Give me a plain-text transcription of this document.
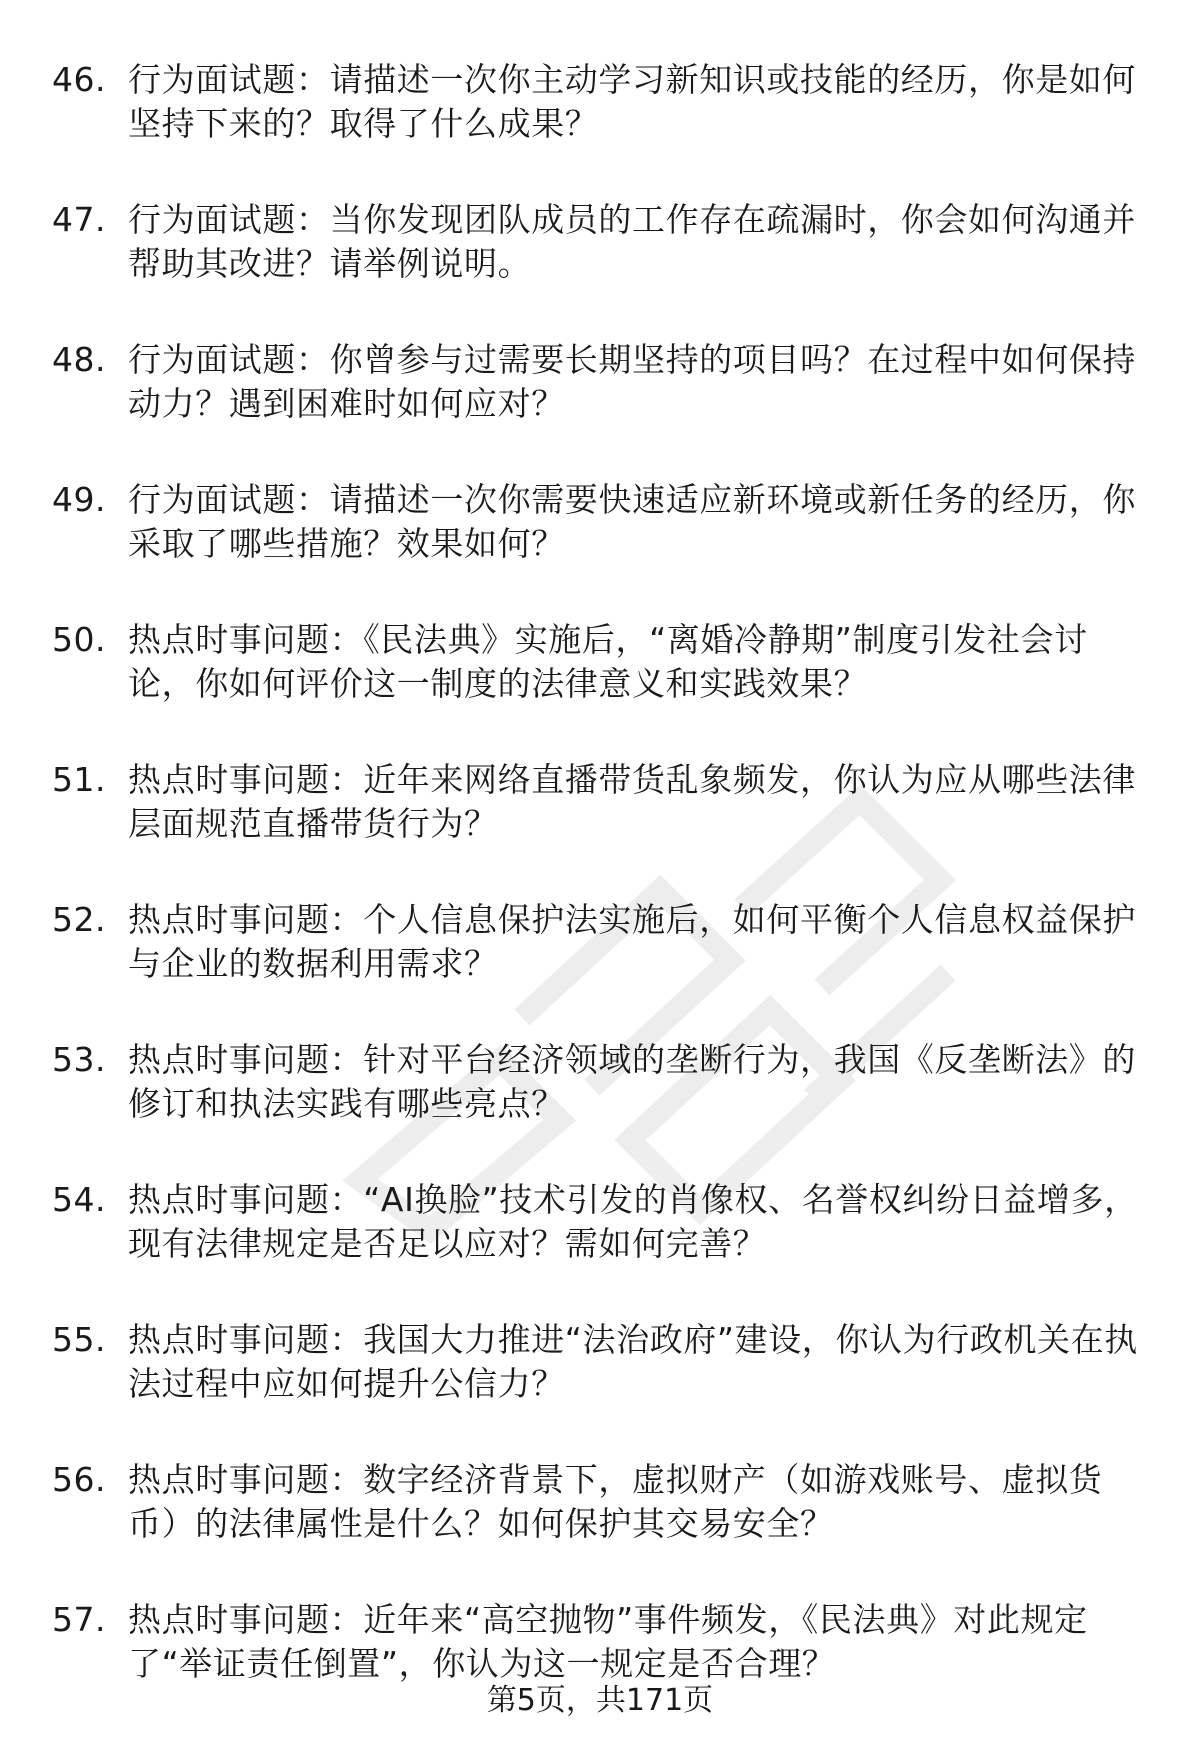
46. 行为面试题：请描述一次你主动学习新知识或技能的经历，你是如何坚持下来的？取得了什么成果？
47. 行为面试题：当你发现团队成员的工作存在疏漏时，你会如何沟通并帮助其改进？请举例说明。
48. 行为面试题：你曾参与过需要长期坚持的项目吗？在过程中如何保持动力？遇到困难时如何应对？
49. 行为面试题：请描述一次你需要快速适应新环境或新任务的经历，你采取了哪些措施？效果如何？
50. 热点时事问题：《民法典》实施后，“离婚冷静期”制度引发社会讨论，你如何评价这一制度的法律意义和实践效果？
51. 热点时事问题：近年来网络直播带货乱象频发，你认为应从哪些法律层面规范直播带货行为？
52. 热点时事问题：个人信息保护法实施后，如何平衡个人信息权益保护与企业的数据利用需求？
53. 热点时事问题：针对平台经济领域的垄断行为，我国《反垄断法》的修订和执法实践有哪些亮点？
54. 热点时事问题：“AI换脸”技术引发的肖像权、名誉权纠纷日益增多，现有法律规定是否足以应对？需如何完善？
55. 热点时事问题：我国大力推进“法治政府”建设，你认为行政机关在执法过程中应如何提升公信力？
56. 热点时事问题：数字经济背景下，虚拟财产（如游戏账号、虚拟货币）的法律属性是什么？如何保护其交易安全？
57. 热点时事问题：近年来“高空抛物”事件频发，《民法典》对此规定了“举证责任倒置”，你认为这一规定是否合理？
第5页，共171页
